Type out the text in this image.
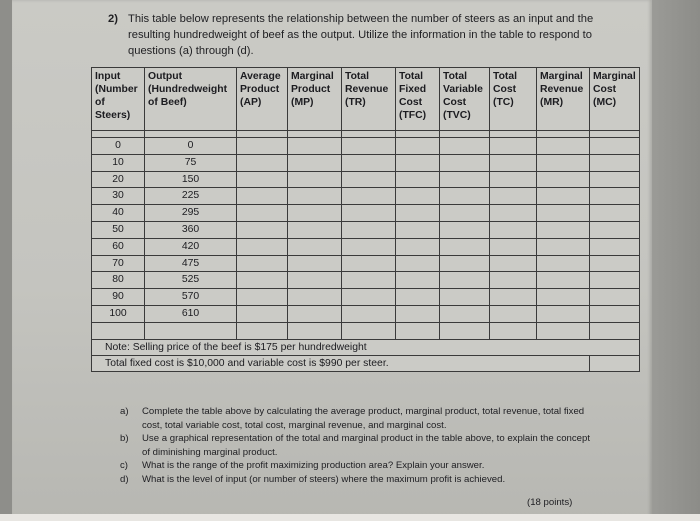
2) This table below represents the relationship between the number of steers as an input and the resulting hundredweight of beef as the output. Utilize the information in the table to respond to questions (a) through (d).
Input (Number of Steers)	Output (Hundredweight of Beef)	Average Product (AP)	Marginal Product (MP)	Total Revenue (TR)	Total Fixed Cost (TFC)	Total Variable Cost (TVC)	Total Cost (TC)	Marginal Revenue (MR)	Marginal Cost (MC)

0	0								
10	75								
20	150								
30	225								
40	295								
50	360								
60	420								
70	475								
80	525								
90	570								
100	610								

Note: Selling price of the beef is $175 per hundredweight									
Total fixed cost is $10,000 and variable cost is $990 per steer.									
a) Complete the table above by calculating the average product, marginal product, total revenue, total fixed cost, total variable cost, total cost, marginal revenue, and marginal cost.
b) Use a graphical representation of the total and marginal product in the table above, to explain the concept of diminishing marginal product.
c) What is the range of the profit maximizing production area? Explain your answer.
d) What is the level of input (or number of steers) where the maximum profit is achieved.
(18 points)
